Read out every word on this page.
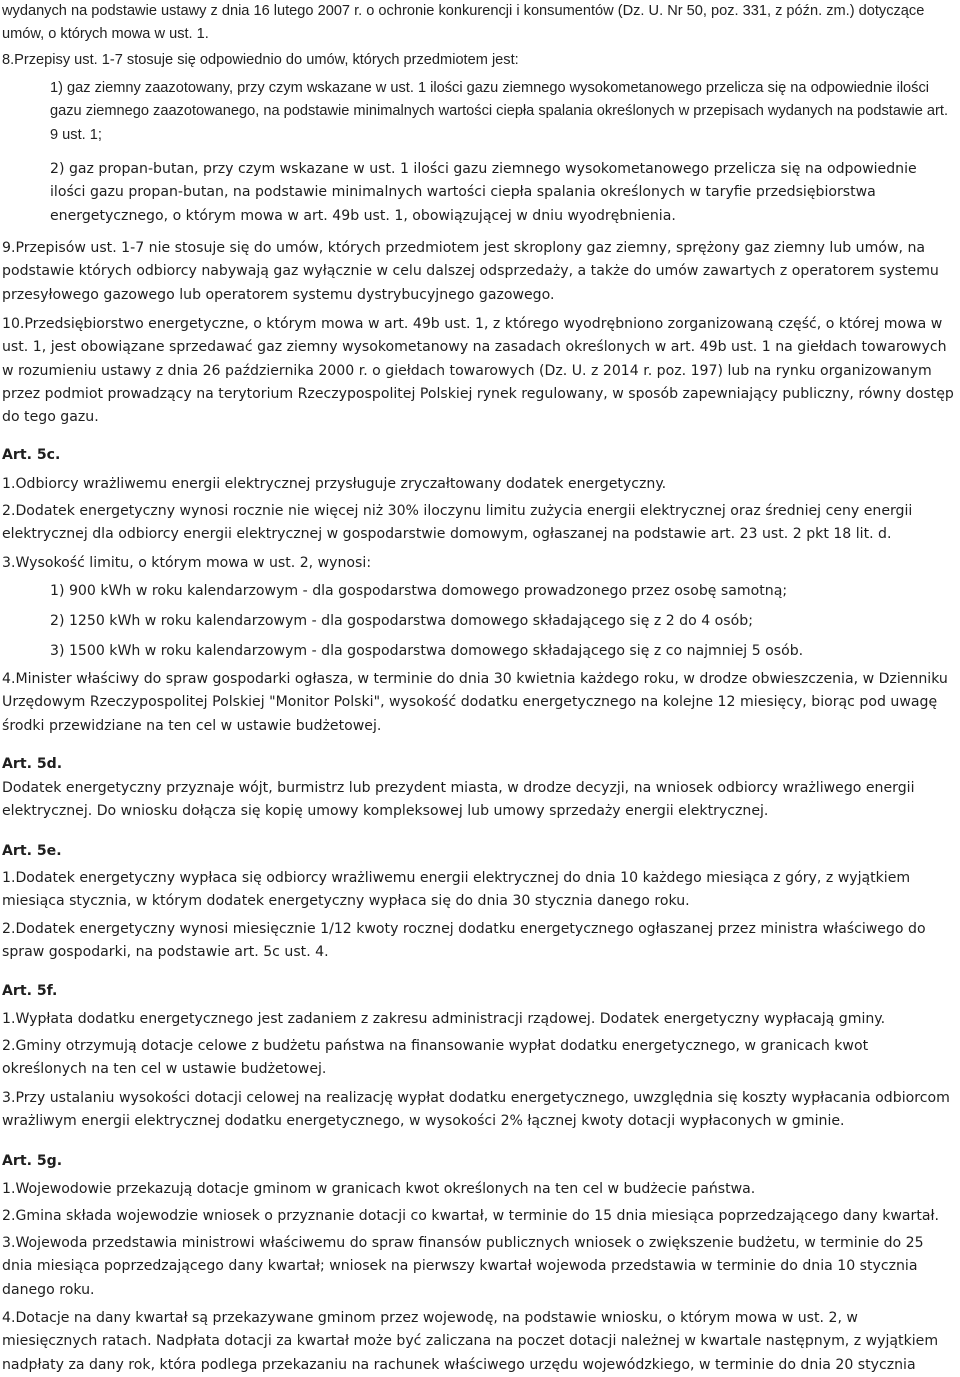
wydanych na podstawie ustawy z dnia 16 lutego 2007 r. o ochronie konkurencji i konsumentów (Dz. U. Nr 50, poz. 331, z późn. zm.) dotyczące umów, o których mowa w ust. 1.

8.Przepisy ust. 1-7 stosuje się odpowiednio do umów, których przedmiotem jest:

1) gaz ziemny zaazotowany, przy czym wskazane w ust. 1 ilości gazu ziemnego wysokometanowego przelicza się na odpowiednie ilości gazu ziemnego zaazotowanego, na podstawie minimalnych wartości ciepła spalania określonych w przepisach wydanych na podstawie art. 9 ust. 1;

2) gaz propan-butan, przy czym wskazane w ust. 1 ilości gazu ziemnego wysokometanowego przelicza się na odpowiednie ilości gazu propan-butan, na podstawie minimalnych wartości ciepła spalania określonych w taryfie przedsiębiorstwa energetycznego, o którym mowa w art. 49b ust. 1, obowiązującej w dniu wyodrębnienia.

9.Przepisów ust. 1-7 nie stosuje się do umów, których przedmiotem jest skroplony gaz ziemny, sprężony gaz ziemny lub umów, na podstawie których odbiorcy nabywają gaz wyłącznie w celu dalszej odsprzedaży, a także do umów zawartych z operatorem systemu przesyłowego gazowego lub operatorem systemu dystrybucyjnego gazowego.

10.Przedsiębiorstwo energetyczne, o którym mowa w art. 49b ust. 1, z którego wyodrębniono zorganizowaną część, o której mowa w ust. 1, jest obowiązane sprzedawać gaz ziemny wysokometanowy na zasadach określonych w art. 49b ust. 1 na giełdach towarowych w rozumieniu ustawy z dnia 26 października 2000 r. o giełdach towarowych (Dz. U. z 2014 r. poz. 197) lub na rynku organizowanym przez podmiot prowadzący na terytorium Rzeczypospolitej Polskiej rynek regulowany, w sposób zapewniający publiczny, równy dostęp do tego gazu.

Art. 5c.

1.Odbiorcy wrażliwemu energii elektrycznej przysługuje zryczałtowany dodatek energetyczny.

2.Dodatek energetyczny wynosi rocznie nie więcej niż 30% iloczynu limitu zużycia energii elektrycznej oraz średniej ceny energii elektrycznej dla odbiorcy energii elektrycznej w gospodarstwie domowym, ogłaszanej na podstawie art. 23 ust. 2 pkt 18 lit. d.

3.Wysokość limitu, o którym mowa w ust. 2, wynosi:

1) 900 kWh w roku kalendarzowym - dla gospodarstwa domowego prowadzonego przez osobę samotną;

2) 1250 kWh w roku kalendarzowym - dla gospodarstwa domowego składającego się z 2 do 4 osób;

3) 1500 kWh w roku kalendarzowym - dla gospodarstwa domowego składającego się z co najmniej 5 osób.

4.Minister właściwy do spraw gospodarki ogłasza, w terminie do dnia 30 kwietnia każdego roku, w drodze obwieszczenia, w Dzienniku Urzędowym Rzeczypospolitej Polskiej "Monitor Polski", wysokość dodatku energetycznego na kolejne 12 miesięcy, biorąc pod uwagę środki przewidziane na ten cel w ustawie budżetowej.

Art. 5d.

Dodatek energetyczny przyznaje wójt, burmistrz lub prezydent miasta, w drodze decyzji, na wniosek odbiorcy wrażliwego energii elektrycznej. Do wniosku dołącza się kopię umowy kompleksowej lub umowy sprzedaży energii elektrycznej.

Art. 5e.

1.Dodatek energetyczny wypłaca się odbiorcy wrażliwemu energii elektrycznej do dnia 10 każdego miesiąca z góry, z wyjątkiem miesiąca stycznia, w którym dodatek energetyczny wypłaca się do dnia 30 stycznia danego roku.

2.Dodatek energetyczny wynosi miesięcznie 1/12 kwoty rocznej dodatku energetycznego ogłaszanej przez ministra właściwego do spraw gospodarki, na podstawie art. 5c ust. 4.

Art. 5f.

1.Wypłata dodatku energetycznego jest zadaniem z zakresu administracji rządowej. Dodatek energetyczny wypłacają gminy.

2.Gminy otrzymują dotacje celowe z budżetu państwa na finansowanie wypłat dodatku energetycznego, w granicach kwot określonych na ten cel w ustawie budżetowej.

3.Przy ustalaniu wysokości dotacji celowej na realizację wypłat dodatku energetycznego, uwzględnia się koszty wypłacania odbiorcom wrażliwym energii elektrycznej dodatku energetycznego, w wysokości 2% łącznej kwoty dotacji wypłaconych w gminie.

Art. 5g.

1.Wojewodowie przekazują dotacje gminom w granicach kwot określonych na ten cel w budżecie państwa.

2.Gmina składa wojewodzie wniosek o przyznanie dotacji co kwartał, w terminie do 15 dnia miesiąca poprzedzającego dany kwartał.

3.Wojewoda przedstawia ministrowi właściwemu do spraw finansów publicznych wniosek o zwiększenie budżetu, w terminie do 25 dnia miesiąca poprzedzającego dany kwartał; wniosek na pierwszy kwartał wojewoda przedstawia w terminie do dnia 10 stycznia danego roku.

4.Dotacje na dany kwartał są przekazywane gminom przez wojewodę, na podstawie wniosku, o którym mowa w ust. 2, w miesięcznych ratach. Nadpłata dotacji za kwartał może być zaliczana na poczet dotacji należnej w kwartale następnym, z wyjątkiem nadpłaty za dany rok, która podlega przekazaniu na rachunek właściwego urzędu wojewódzkiego, w terminie do dnia 20 stycznia
